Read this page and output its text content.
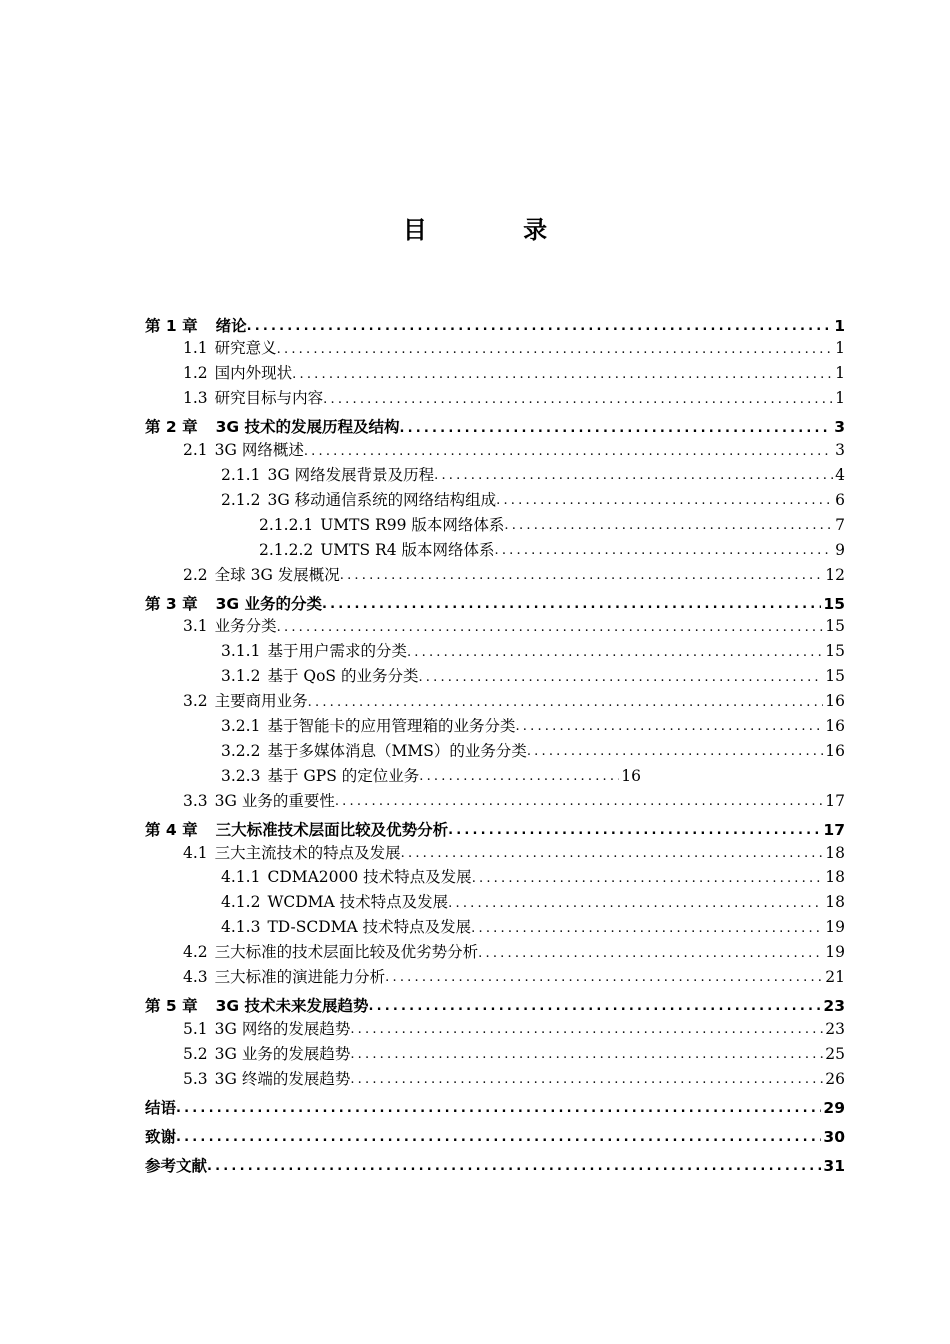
目 录
第 1 章 绪论 .....	1
1.1 研究意义 .....	1
1.2 国内外现状 .....	1
1.3 研究目标与内容 .....	1
第 2 章 3G 技术的发展历程及结构 .....	3
2.1 3G 网络概述 .....	3
2.1.1 3G 网络发展背景及历程 .....	4
2.1.2 3G 移动通信系统的网络结构组成 .....	6
2.1.2.1 UMTS R99 版本网络体系 .....	7
2.1.2.2 UMTS R4 版本网络体系 .....	9
2.2 全球 3G 发展概况 .....	12
第 3 章 3G 业务的分类 .....	15
3.1 业务分类 .....	15
3.1.1 基于用户需求的分类 .....	15
3.1.2 基于 QoS 的业务分类 .....	15
3.2 主要商用业务 .....	16
3.2.1 基于智能卡的应用管理箱的业务分类 .....	16
3.2.2 基于多媒体消息（MMS）的业务分类 .....	16
3.2.3 基于 GPS 的定位业务 .....	16
3.3 3G 业务的重要性 .....	17
第 4 章 三大标准技术层面比较及优势分析 .....	17
4.1 三大主流技术的特点及发展 .....	18
4.1.1 CDMA2000 技术特点及发展 .....	18
4.1.2 WCDMA 技术特点及发展 .....	18
4.1.3 TD-SCDMA 技术特点及发展 .....	19
4.2 三大标准的技术层面比较及优劣势分析 .....	19
4.3 三大标准的演进能力分析 .....	21
第 5 章 3G 技术未来发展趋势 .....	23
5.1 3G 网络的发展趋势 .....	23
5.2 3G 业务的发展趋势 .....	25
5.3 3G 终端的发展趋势 .....	26
结语 .....	29
致谢 .....	30
参考文献 .....	31
